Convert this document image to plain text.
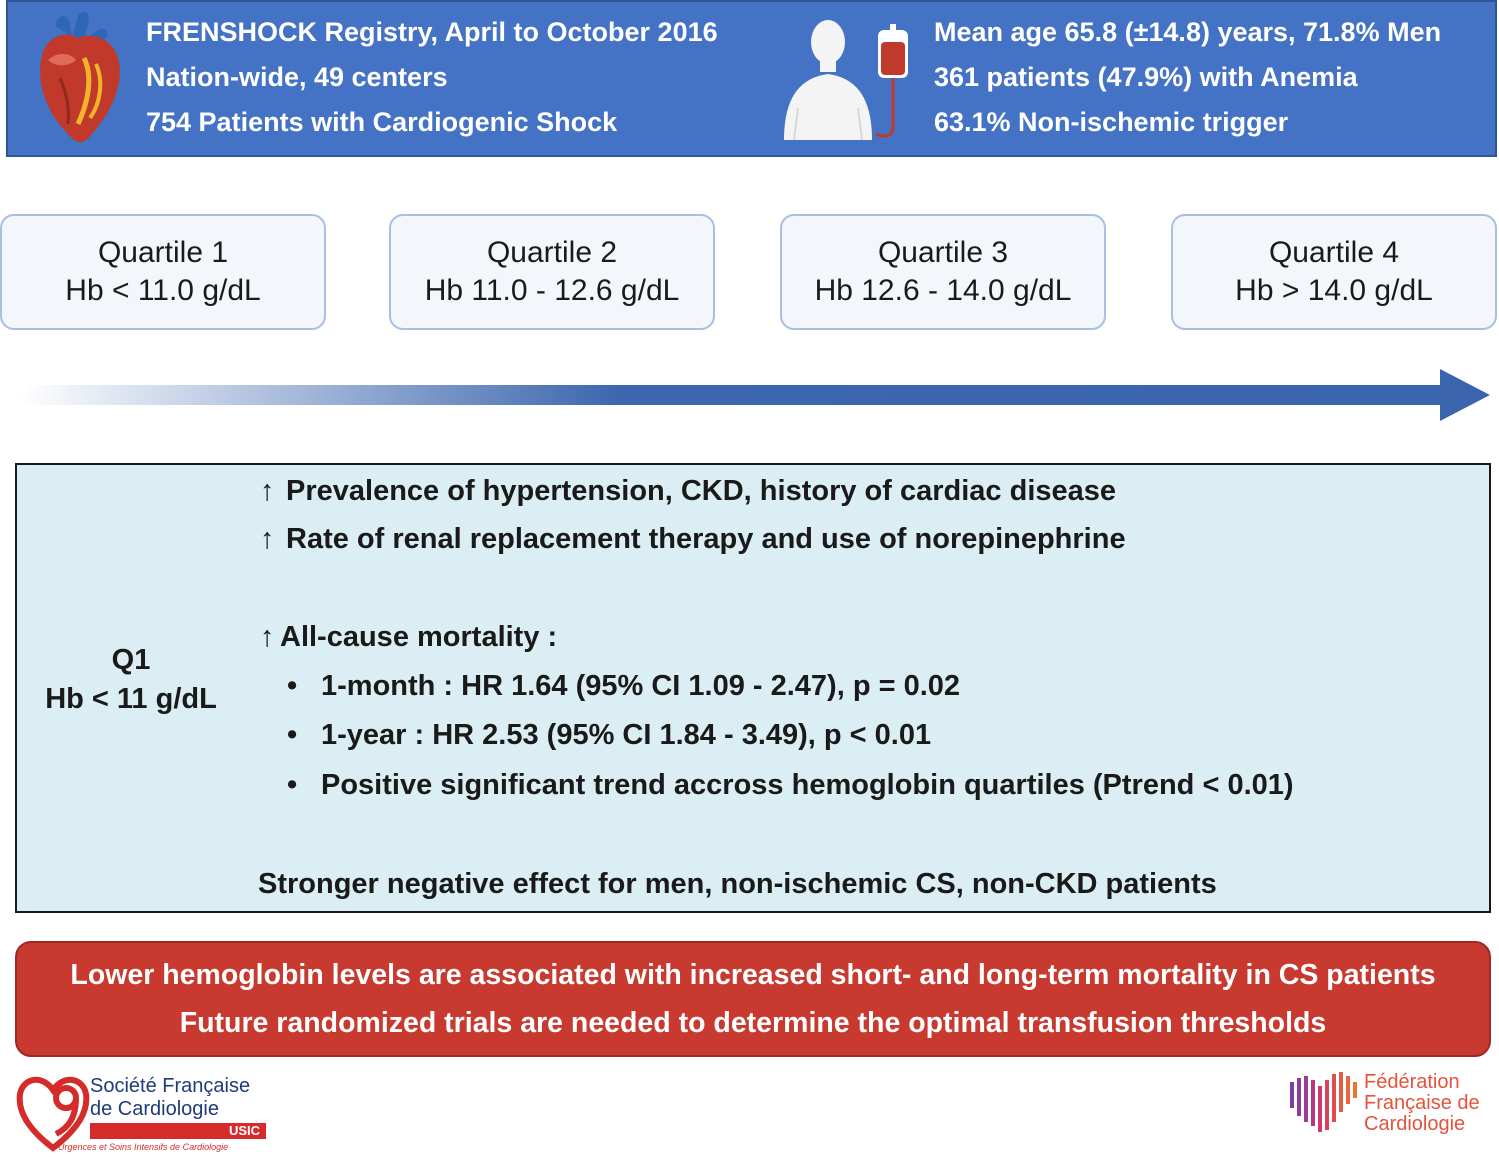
FRENSHOCK Registry, April to October 2016
Nation-wide, 49 centers
754 Patients with Cardiogenic Shock
Mean age 65.8 (±14.8) years, 71.8% Men
361 patients (47.9%) with Anemia
63.1% Non-ischemic trigger
Quartile 1
Hb < 11.0 g/dL
Quartile 2
Hb 11.0 - 12.6 g/dL
Quartile 3
Hb 12.6 - 14.0 g/dL
Quartile 4
Hb > 14.0 g/dL
Q1
Hb < 11 g/dL
↑ Prevalence of hypertension, CKD, history of cardiac disease
↑ Rate of renal replacement therapy and use of norepinephrine
↑ All-cause mortality :
• 1-month : HR 1.64 (95% CI 1.09 - 2.47), p = 0.02
• 1-year : HR 2.53 (95% CI 1.84 - 3.49), p < 0.01
• Positive significant trend accross hemoglobin quartiles (Ptrend < 0.01)
Stronger negative effect for men, non-ischemic CS, non-CKD patients
Lower hemoglobin levels are associated with increased short- and long-term mortality in CS patients
Future randomized trials are needed to determine the optimal transfusion thresholds
Société Française
de Cardiologie
USIC
Urgences et Soins Intensifs de Cardiologie
Fédération
Française de
Cardiologie
